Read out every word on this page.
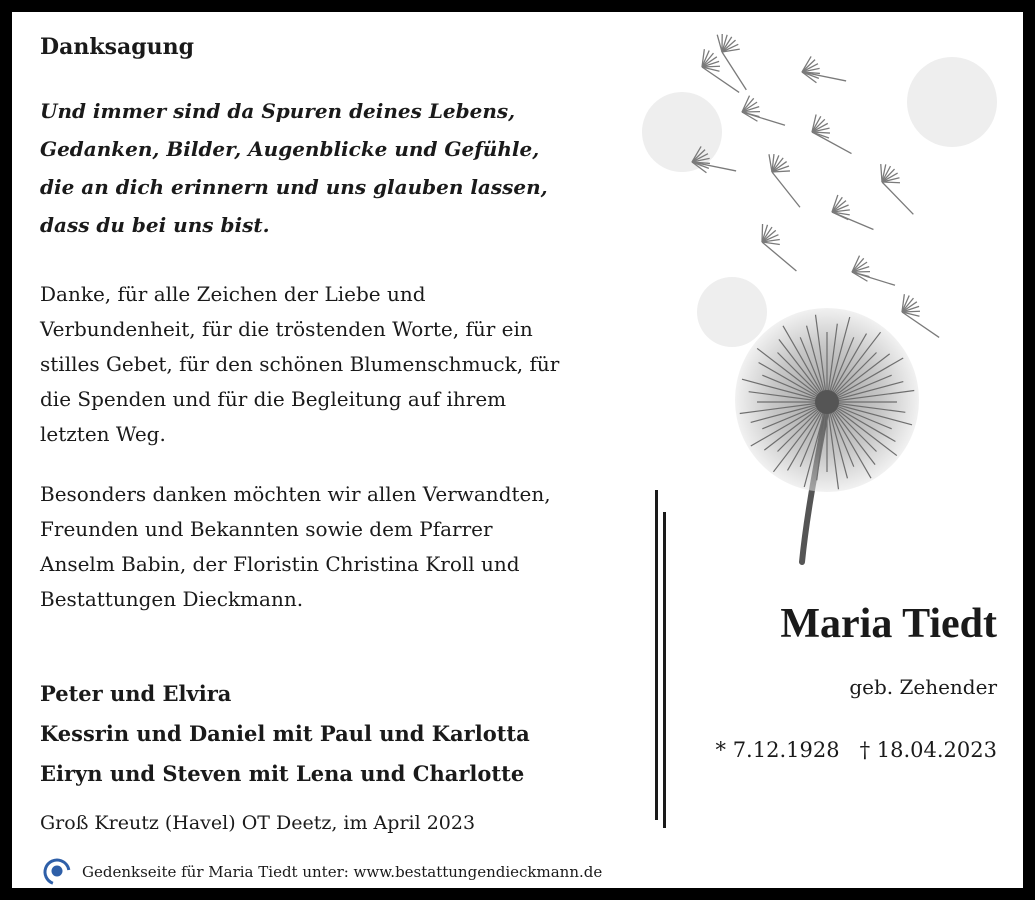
Danksagung
Und immer sind da Spuren deines Lebens,
Gedanken, Bilder, Augenblicke und Gefühle,
die an dich erinnern und uns glauben lassen,
dass du bei uns bist.
Danke, für alle Zeichen der Liebe und
Verbundenheit, für die tröstenden Worte, für ein
stilles Gebet, für den schönen Blumenschmuck, für
die Spenden und für die Begleitung auf ihrem
letzten Weg.
Besonders danken möchten wir allen Verwandten,
Freunden und Bekannten sowie dem Pfarrer
Anselm Babin, der Floristin Christina Kroll und
Bestattungen Dieckmann.
Peter und Elvira
Kessrin und Daniel mit Paul und Karlotta
Eiryn und Steven mit Lena und Charlotte
Groß Kreutz (Havel) OT Deetz, im April 2023
Gedenkseite für Maria Tiedt unter: www.bestattungendieckmann.de
Maria Tiedt
geb. Zehender
* 7.12.1928 † 18.04.2023
